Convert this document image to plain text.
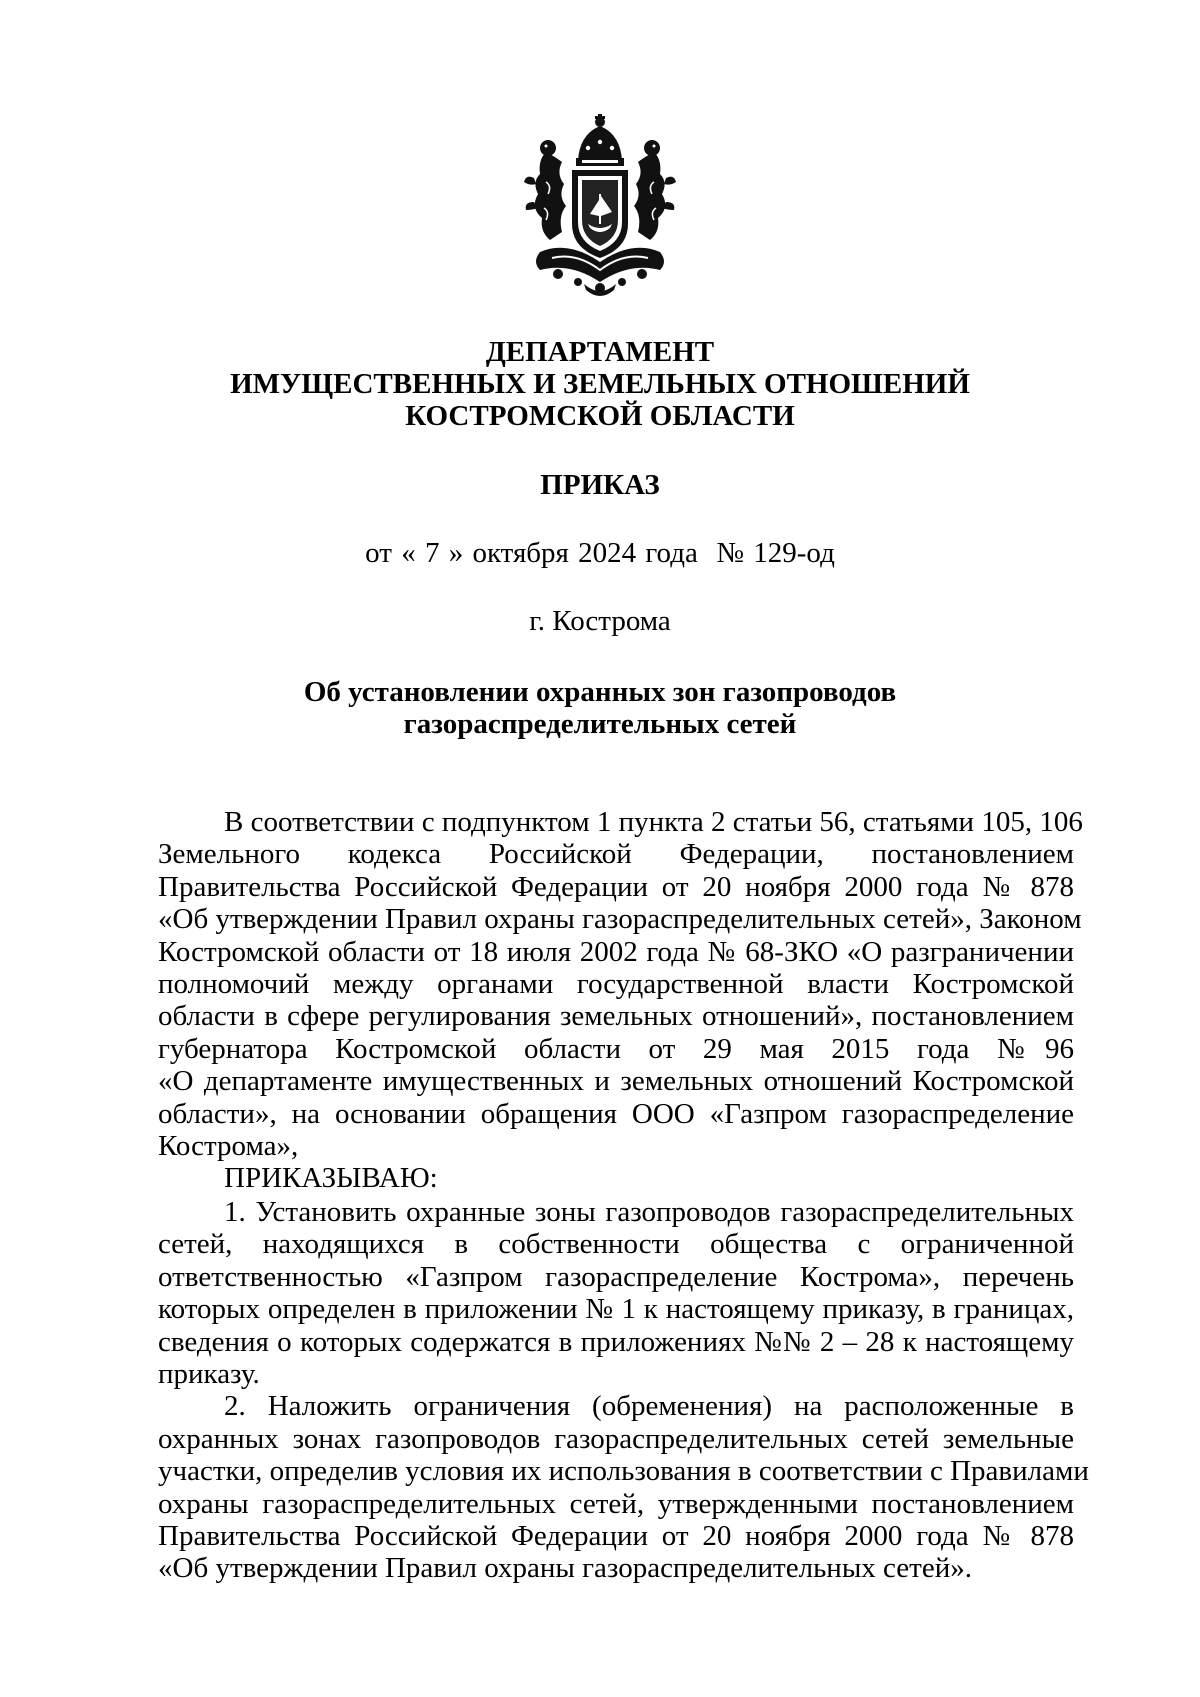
ДЕПАРТАМЕНТ
ИМУЩЕСТВЕННЫХ И ЗЕМЕЛЬНЫХ ОТНОШЕНИЙ
КОСТРОМСКОЙ ОБЛАСТИ
ПРИКАЗ
от « 7 » октября 2024 года  № 129-од
г. Кострома
Об установлении охранных зон газопроводов
газораспределительных сетей
В соответствии с подпунктом 1 пункта 2 статьи 56, статьями 105, 106
Земельного кодекса Российской Федерации, постановлением
Правительства Российской Федерации от 20 ноября 2000 года № 878
«Об утверждении Правил охраны газораспределительных сетей», Законом
Костромской области от 18 июля 2002 года № 68-ЗКО «О разграничении
полномочий между органами государственной власти Костромской
области в сфере регулирования земельных отношений», постановлением
губернатора Костромской области от 29 мая 2015 года №96
«О департаменте имущественных и земельных отношений Костромской
области», на основании обращения ООО «Газпром газораспределение
Кострома»,
ПРИКАЗЫВАЮ:
1. Установить охранные зоны газопроводов газораспределительных
сетей, находящихся в собственности общества с ограниченной
ответственностью «Газпром газораспределение Кострома», перечень
которых определен в приложении № 1 к настоящему приказу, в границах,
сведения о которых содержатся в приложениях №№ 2 – 28 к настоящему
приказу.
2. Наложить ограничения (обременения) на расположенные в
охранных зонах газопроводов газораспределительных сетей земельные
участки, определив условия их использования в соответствии с Правилами
охраны газораспределительных сетей, утвержденными постановлением
Правительства Российской Федерации от 20 ноября 2000 года № 878
«Об утверждении Правил охраны газораспределительных сетей».
